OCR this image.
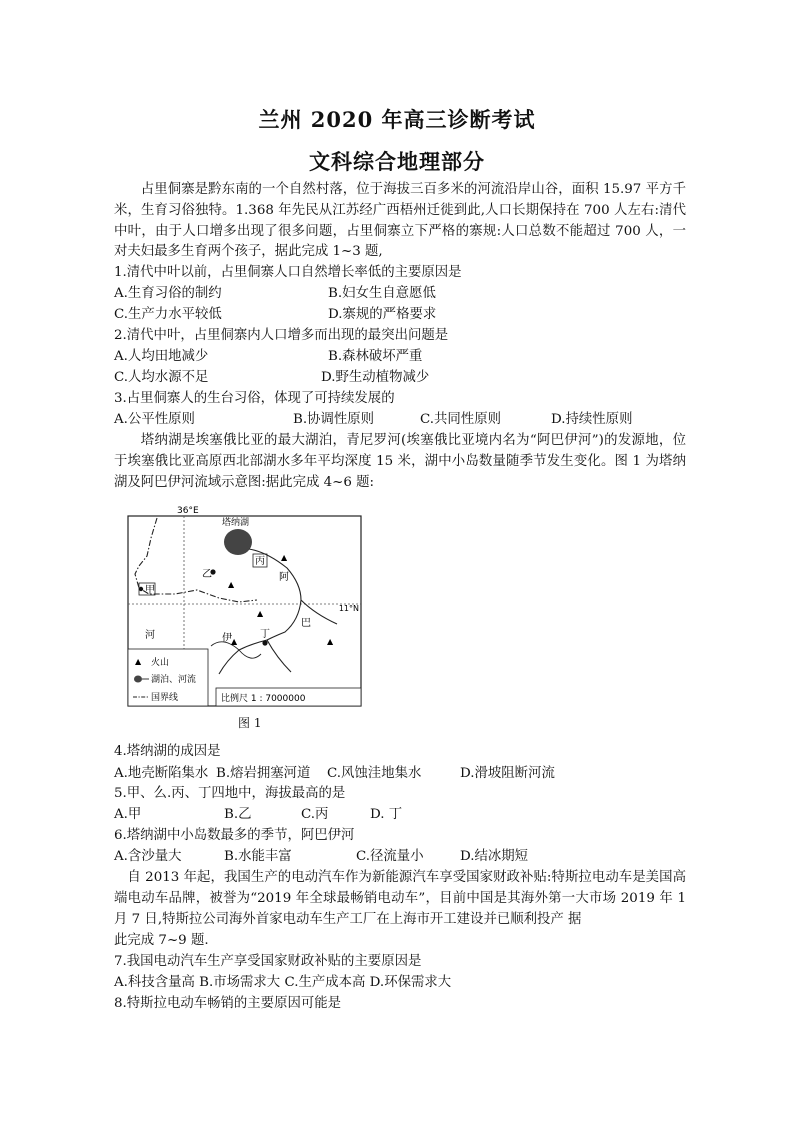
兰州 2020 年高三诊断考试
文科综合地理部分
占里侗寨是黔东南的一个自然村落，位于海拔三百多米的河流沿岸山谷，面积 15.97 平方千米，生育习俗独特。1.368 年先民从江苏经广西梧州迁徙到此,人口长期保持在 700 人左右:清代中叶，由于人口增多出现了很多问题，占里侗寨立下严格的寨规:人口总数不能超过 700 人，一对夫妇最多生育两个孩子，据此完成 1~3 题,
1.清代中叶以前，占里侗寨人口自然增长率低的主要原因是
A.生育习俗的制约	B.妇女生自意愿低
C.生产力水平较低	D.寨规的严格要求
2.清代中叶，占里侗寨内人口增多而出现的最突出问题是
A.人均田地减少	B.森林破坏严重
C.人均水源不足	D.野生动植物减少
3.占里侗寨人的生台习俗，体现了可持续发展的
A.公平性原则	B.协调性原则	C.共同性原则	D.持续性原则
塔纳湖是埃塞俄比亚的最大湖泊，青尼罗河(埃塞俄比亚境内名为“阿巴伊河”)的发源地，位于埃塞俄比亚高原西北部湖水多年平均深度 15 米，湖中小岛数量随季节发生变化。图 1 为塔纳湖及阿巴伊河流域示意图:据此完成 4~6 题:
36°E
11°N
塔纳湖
乙
丙
甲
丁
▲
▲
▲
▲	▲
阿
巴
伊
河
▲ 火山
湖泊、河流
国界线	比例尺 1 : 7000000
图 1
4.塔纳湖的成因是
A.地壳断陷集水 B.熔岩拥塞河道 C.风蚀洼地集水	D.滑坡阻断河流
5.甲、么.丙、丁四地中，海拔最高的是
A.甲	B.乙	C.丙	D. 丁
6.塔纳湖中小岛数最多的季节，阿巴伊河
A.含沙量大	B.水能丰富	C.径流量小	D.结冰期短
自 2013 年起，我国生产的电动汽车作为新能源汽车享受国家财政补贴:特斯拉电动车是美国高端电动车品牌，被誉为“2019 年全球最畅销电动车”，目前中国是其海外第一大市场 2019 年 1 月 7 日,特斯拉公司海外首家电动车生产工厂在上海市开工建设并已顺利投产 据
此完成 7~9 题.
7.我国电动汽车生产享受国家财政补贴的主要原因是
A.科技含量高 B.市场需求大 C.生产成本高 D.环保需求大
8.特斯拉电动车畅销的主要原因可能是
